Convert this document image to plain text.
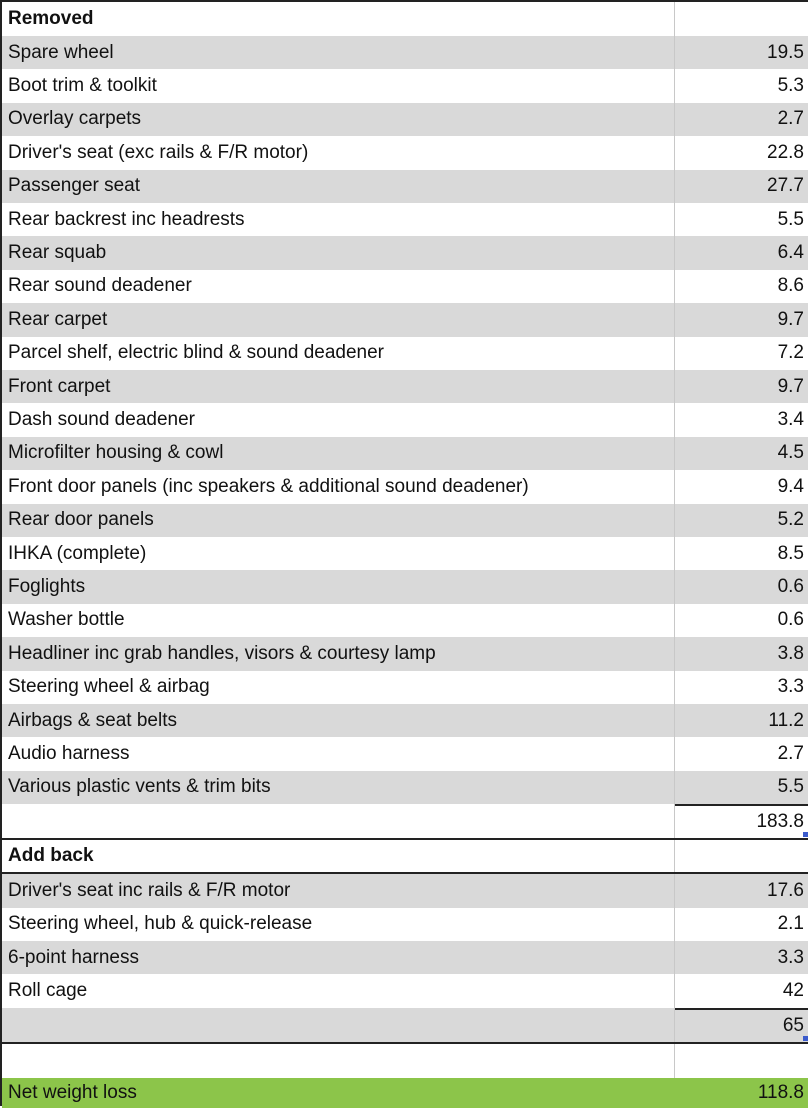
Removed
Spare wheel	19.5
Boot trim & toolkit	5.3
Overlay carpets	2.7
Driver's seat (exc rails & F/R motor)	22.8
Passenger seat	27.7
Rear backrest inc headrests	5.5
Rear squab	6.4
Rear sound deadener	8.6
Rear carpet	9.7
Parcel shelf, electric blind & sound deadener	7.2
Front carpet	9.7
Dash sound deadener	3.4
Microfilter housing & cowl	4.5
Front door panels (inc speakers & additional sound deadener)	9.4
Rear door panels	5.2
IHKA (complete)	8.5
Foglights	0.6
Washer bottle	0.6
Headliner inc grab handles, visors & courtesy lamp	3.8
Steering wheel & airbag	3.3
Airbags & seat belts	11.2
Audio harness	2.7
Various plastic vents & trim bits	5.5
183.8
Add back
Driver's seat inc rails & F/R motor	17.6
Steering wheel, hub & quick-release	2.1
6-point harness	3.3
Roll cage	42
65
Net weight loss	118.8
